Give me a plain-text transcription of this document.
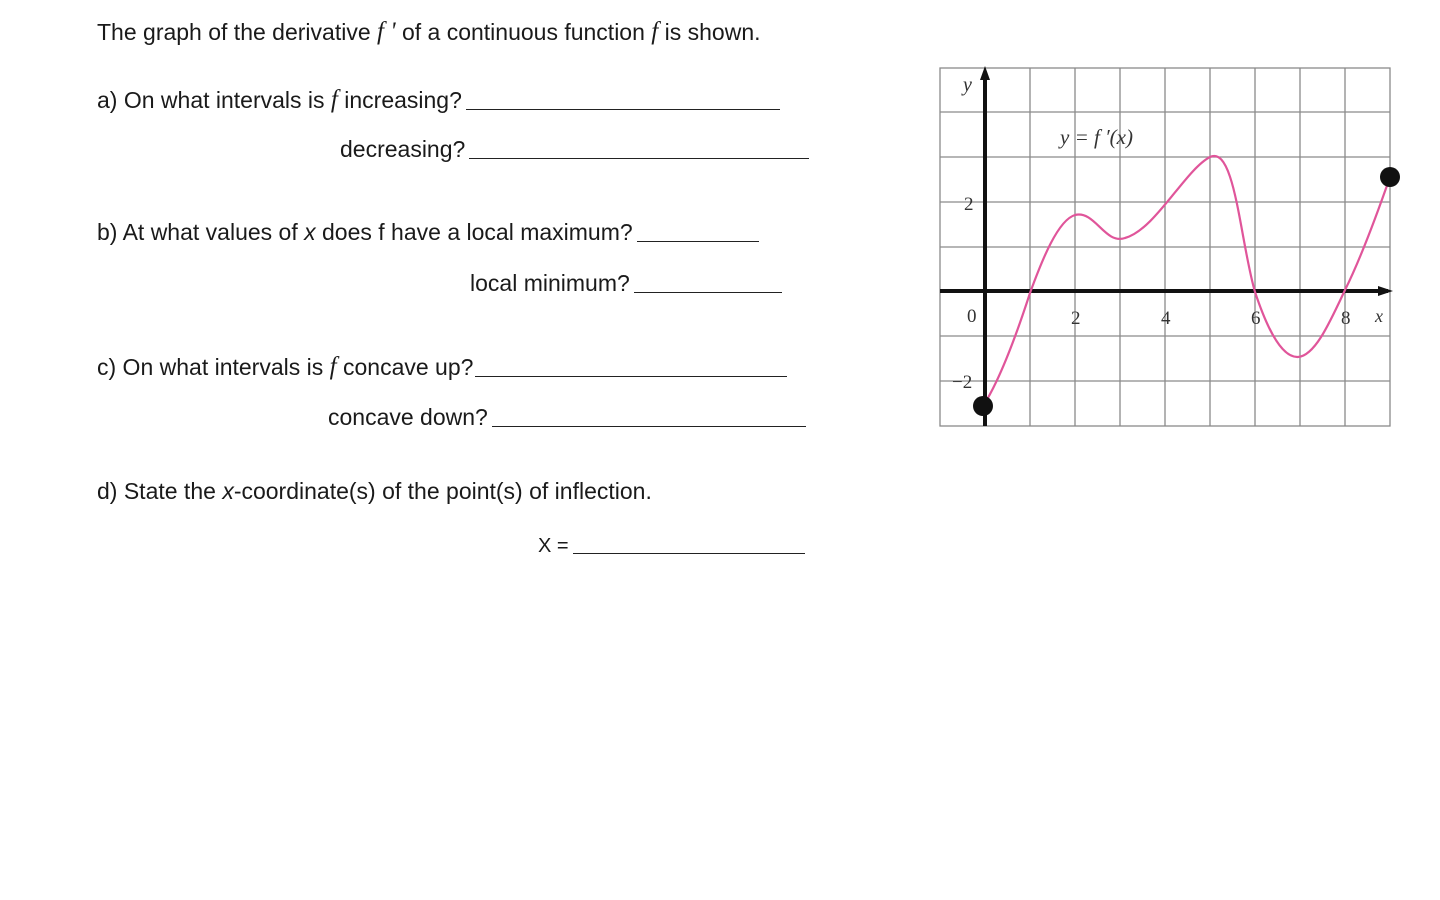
The graph of the derivative
f '
of a continuous function
f
is shown.
a) On what intervals is
f
increasing?
decreasing?
b) At what values of
x
does f have a local maximum?
local minimum?
c) On what intervals is
f
concave up?
concave down?
d) State the
x -coordinate(s) of the point(s) of inflection.
X =
y
x
y = f ′(x)
0	2	4	6	8
2
−2
